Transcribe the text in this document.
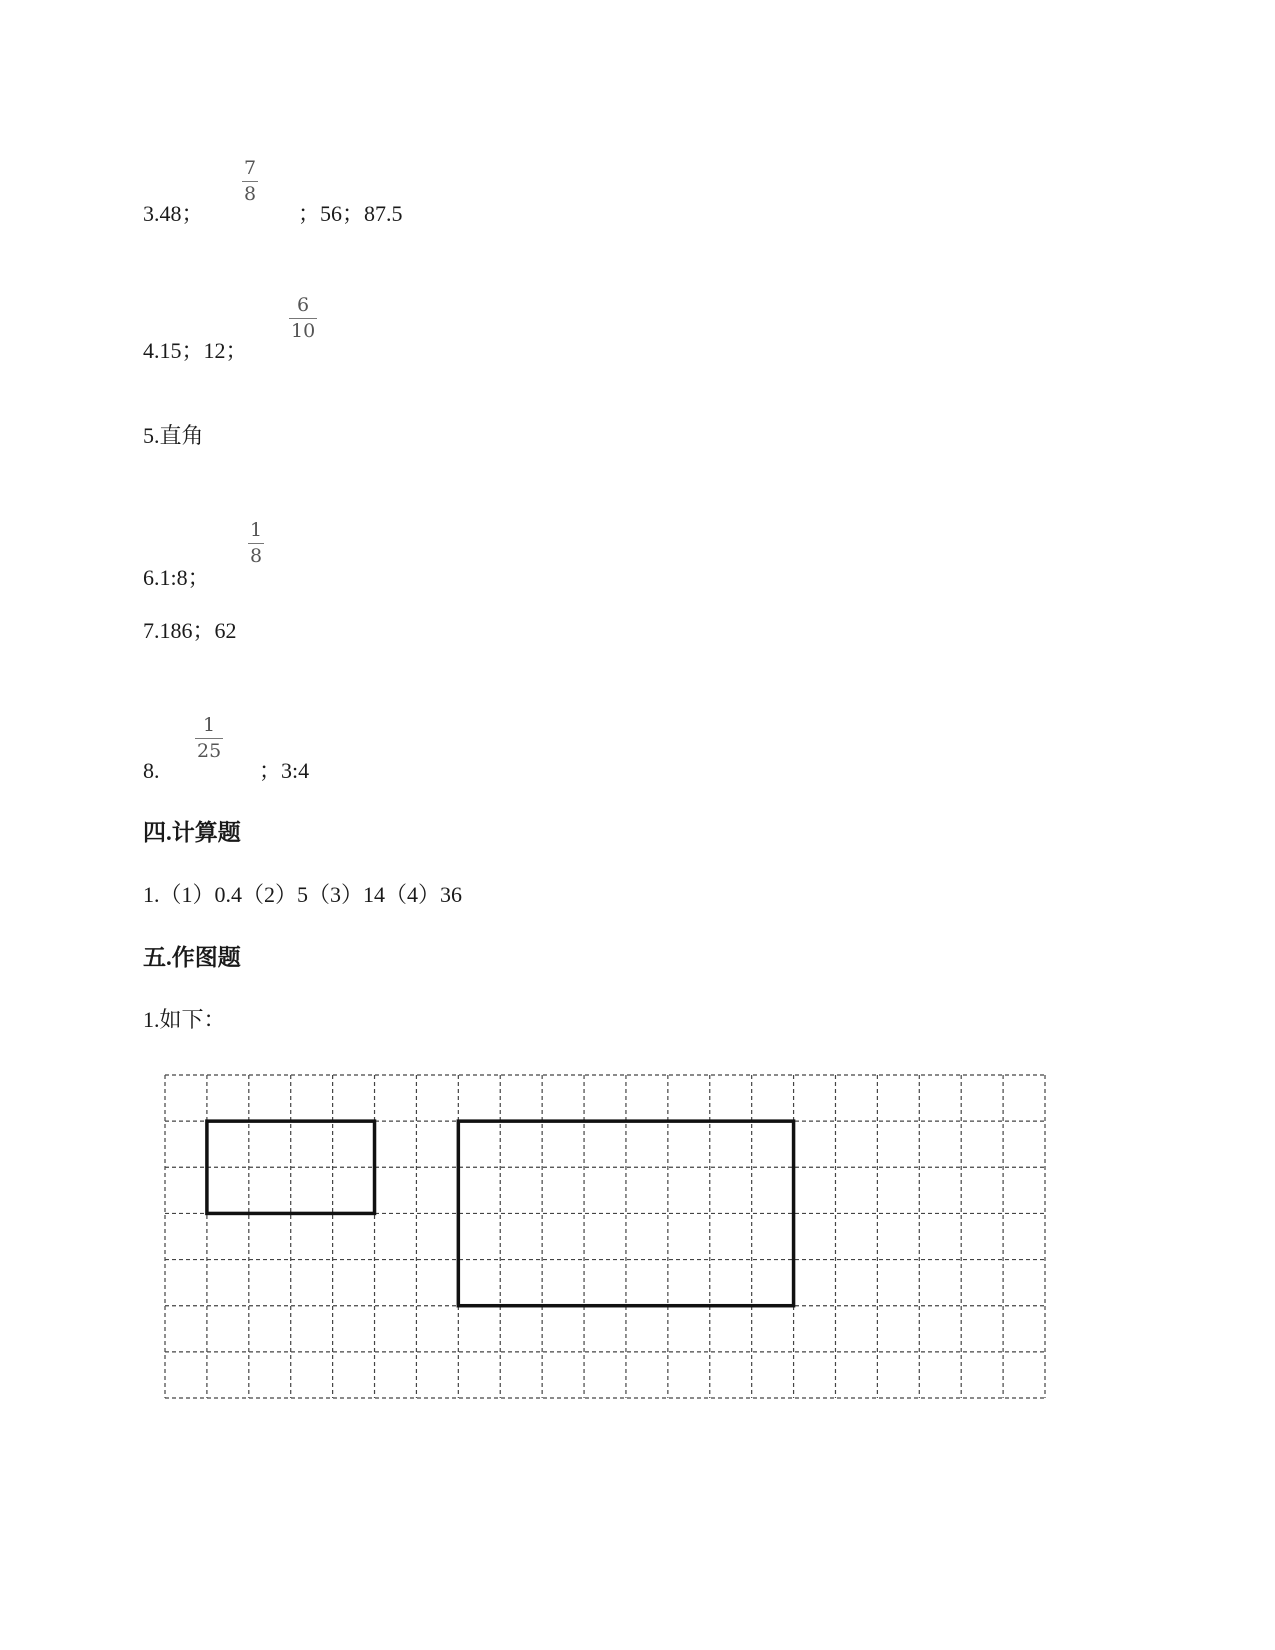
3.48；
7
8
；56；87.5
4.15；12；
6
10
5.直角
6.1:8；
1
8
7.186；62
8.
1
25
；3:4
四.计算题
1.（1）0.4（2）5（3）14（4）36
五.作图题
1.如下：
